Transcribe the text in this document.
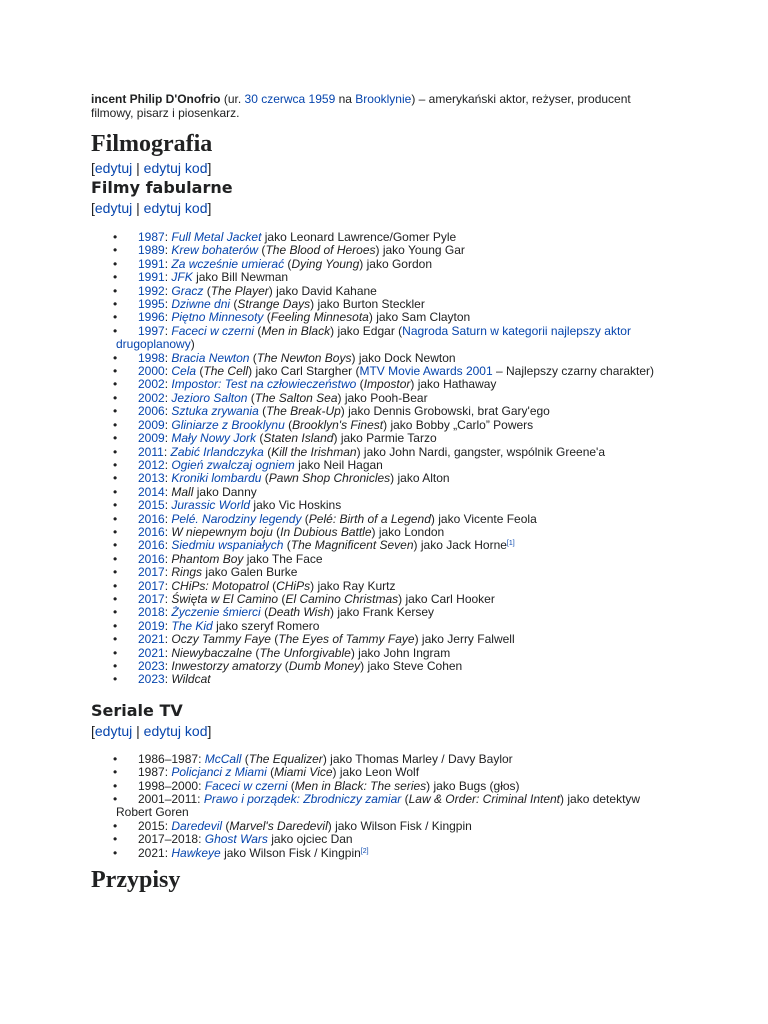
incent Philip D'Onofrio (ur. 30 czerwca 1959 na Brooklynie) – amerykański aktor, reżyser, producent filmowy, pisarz i piosenkarz.

Filmografia

[edytuj | edytuj kod]

Filmy fabularne

[edytuj | edytuj kod]

• 1987: Full Metal Jacket jako Leonard Lawrence/Gomer Pyle
• 1989: Krew bohaterów (The Blood of Heroes) jako Young Gar
• 1991: Za wcześnie umierać (Dying Young) jako Gordon
• 1991: JFK jako Bill Newman
• 1992: Gracz (The Player) jako David Kahane
• 1995: Dziwne dni (Strange Days) jako Burton Steckler
• 1996: Piętno Minnesoty (Feeling Minnesota) jako Sam Clayton
• 1997: Faceci w czerni (Men in Black) jako Edgar (Nagroda Saturn w kategorii najlepszy aktor drugoplanowy)
• 1998: Bracia Newton (The Newton Boys) jako Dock Newton
• 2000: Cela (The Cell) jako Carl Stargher (MTV Movie Awards 2001 – Najlepszy czarny charakter)
• 2002: Impostor: Test na człowieczeństwo (Impostor) jako Hathaway
• 2002: Jezioro Salton (The Salton Sea) jako Pooh-Bear
• 2006: Sztuka zrywania (The Break-Up) jako Dennis Grobowski, brat Gary'ego
• 2009: Gliniarze z Brooklynu (Brooklyn's Finest) jako Bobby „Carlo” Powers
• 2009: Mały Nowy Jork (Staten Island) jako Parmie Tarzo
• 2011: Zabić Irlandczyka (Kill the Irishman) jako John Nardi, gangster, wspólnik Greene'a
• 2012: Ogień zwalczaj ogniem jako Neil Hagan
• 2013: Kroniki lombardu (Pawn Shop Chronicles) jako Alton
• 2014: Mall jako Danny
• 2015: Jurassic World jako Vic Hoskins
• 2016: Pelé. Narodziny legendy (Pelé: Birth of a Legend) jako Vicente Feola
• 2016: W niepewnym boju (In Dubious Battle) jako London
• 2016: Siedmiu wspaniałych (The Magnificent Seven) jako Jack Horne[1]
• 2016: Phantom Boy jako The Face
• 2017: Rings jako Galen Burke
• 2017: CHiPs: Motopatrol (CHiPs) jako Ray Kurtz
• 2017: Święta w El Camino (El Camino Christmas) jako Carl Hooker
• 2018: Życzenie śmierci (Death Wish) jako Frank Kersey
• 2019: The Kid jako szeryf Romero
• 2021: Oczy Tammy Faye (The Eyes of Tammy Faye) jako Jerry Falwell
• 2021: Niewybaczalne (The Unforgivable) jako John Ingram
• 2023: Inwestorzy amatorzy (Dumb Money) jako Steve Cohen
• 2023: Wildcat
Seriale TV

[edytuj | edytuj kod]

• 1986–1987: McCall (The Equalizer) jako Thomas Marley / Davy Baylor
• 1987: Policjanci z Miami (Miami Vice) jako Leon Wolf
• 1998–2000: Faceci w czerni (Men in Black: The series) jako Bugs (głos)
• 2001–2011: Prawo i porządek: Zbrodniczy zamiar (Law & Order: Criminal Intent) jako detektyw Robert Goren
• 2015: Daredevil (Marvel's Daredevil) jako Wilson Fisk / Kingpin
• 2017–2018: Ghost Wars jako ojciec Dan
• 2021: Hawkeye jako Wilson Fisk / Kingpin[2]
Przypisy
